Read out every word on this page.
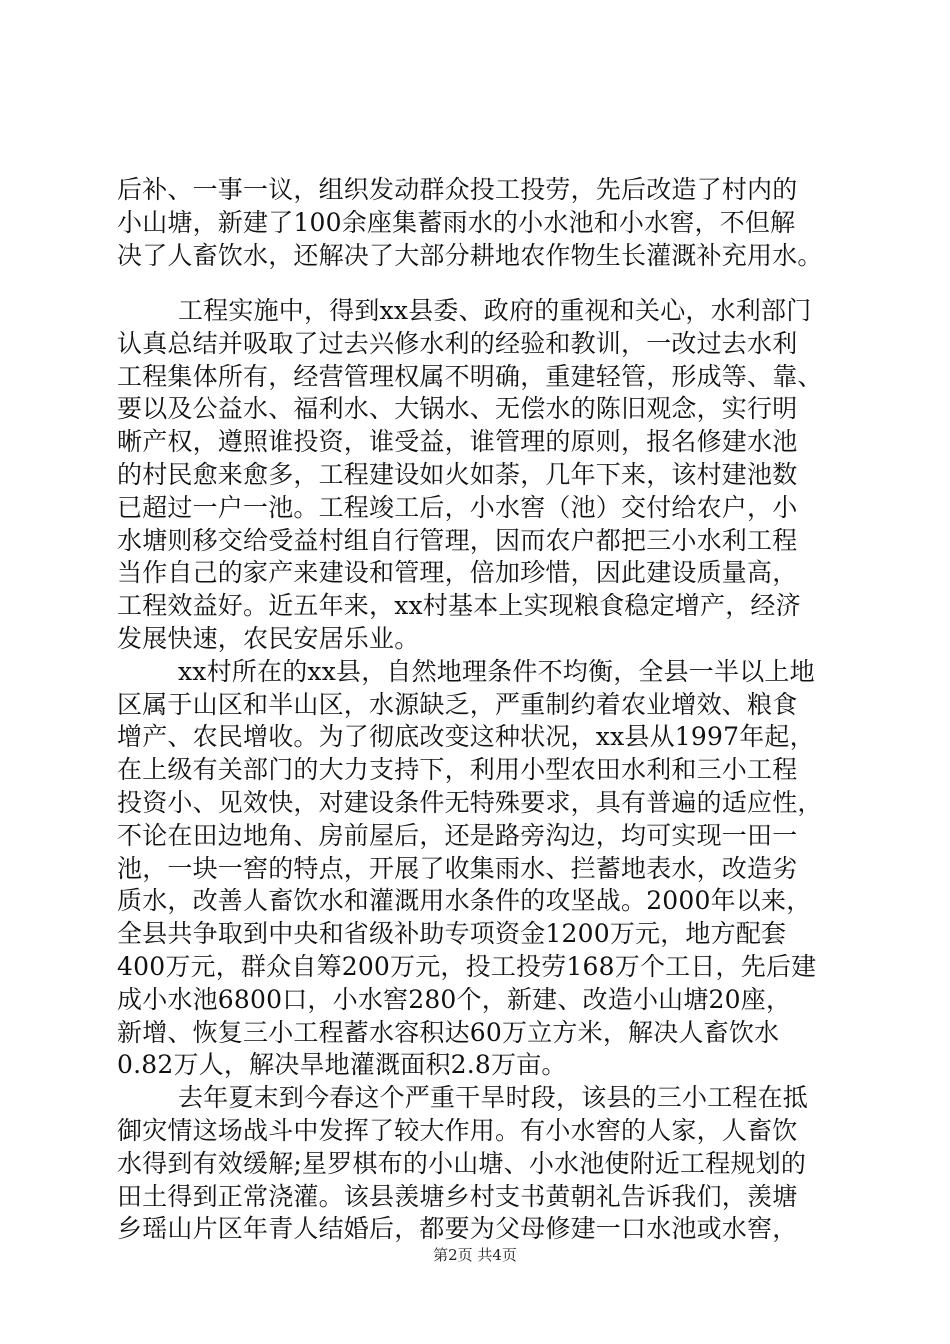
后补、一事一议，组织发动群众投工投劳，先后改造了村内的
小山塘，新建了100余座集蓄雨水的小水池和小水窖，不但解
决了人畜饮水，还解决了大部分耕地农作物生长灌溉补充用水。
工程实施中，得到xx县委、政府的重视和关心，水利部门
认真总结并吸取了过去兴修水利的经验和教训，一改过去水利
工程集体所有，经营管理权属不明确，重建轻管，形成等、靠、
要以及公益水、福利水、大锅水、无偿水的陈旧观念，实行明
晰产权，遵照谁投资，谁受益，谁管理的原则，报名修建水池
的村民愈来愈多，工程建设如火如荼，几年下来，该村建池数
已超过一户一池。工程竣工后，小水窖（池）交付给农户，小
水塘则移交给受益村组自行管理，因而农户都把三小水利工程
当作自己的家产来建设和管理，倍加珍惜，因此建设质量高，
工程效益好。近五年来，xx村基本上实现粮食稳定增产，经济
发展快速，农民安居乐业。
xx村所在的xx县，自然地理条件不均衡，全县一半以上地
区属于山区和半山区，水源缺乏，严重制约着农业增效、粮食
增产、农民增收。为了彻底改变这种状况，xx县从1997年起，
在上级有关部门的大力支持下，利用小型农田水利和三小工程
投资小、见效快，对建设条件无特殊要求，具有普遍的适应性，
不论在田边地角、房前屋后，还是路旁沟边，均可实现一田一
池，一块一窖的特点，开展了收集雨水、拦蓄地表水，改造劣
质水，改善人畜饮水和灌溉用水条件的攻坚战。2000年以来，
全县共争取到中央和省级补助专项资金1200万元，地方配套
400万元，群众自筹200万元，投工投劳168万个工日，先后建
成小水池6800口，小水窖280个，新建、改造小山塘20座，
新增、恢复三小工程蓄水容积达60万立方米，解决人畜饮水
0.82万人，解决旱地灌溉面积2.8万亩。
去年夏末到今春这个严重干旱时段，该县的三小工程在抵
御灾情这场战斗中发挥了较大作用。有小水窖的人家，人畜饮
水得到有效缓解;星罗棋布的小山塘、小水池使附近工程规划的
田土得到正常浇灌。该县羡塘乡村支书黄朝礼告诉我们，羡塘
乡瑶山片区年青人结婚后，都要为父母修建一口水池或水窖，
第2页 共4页
